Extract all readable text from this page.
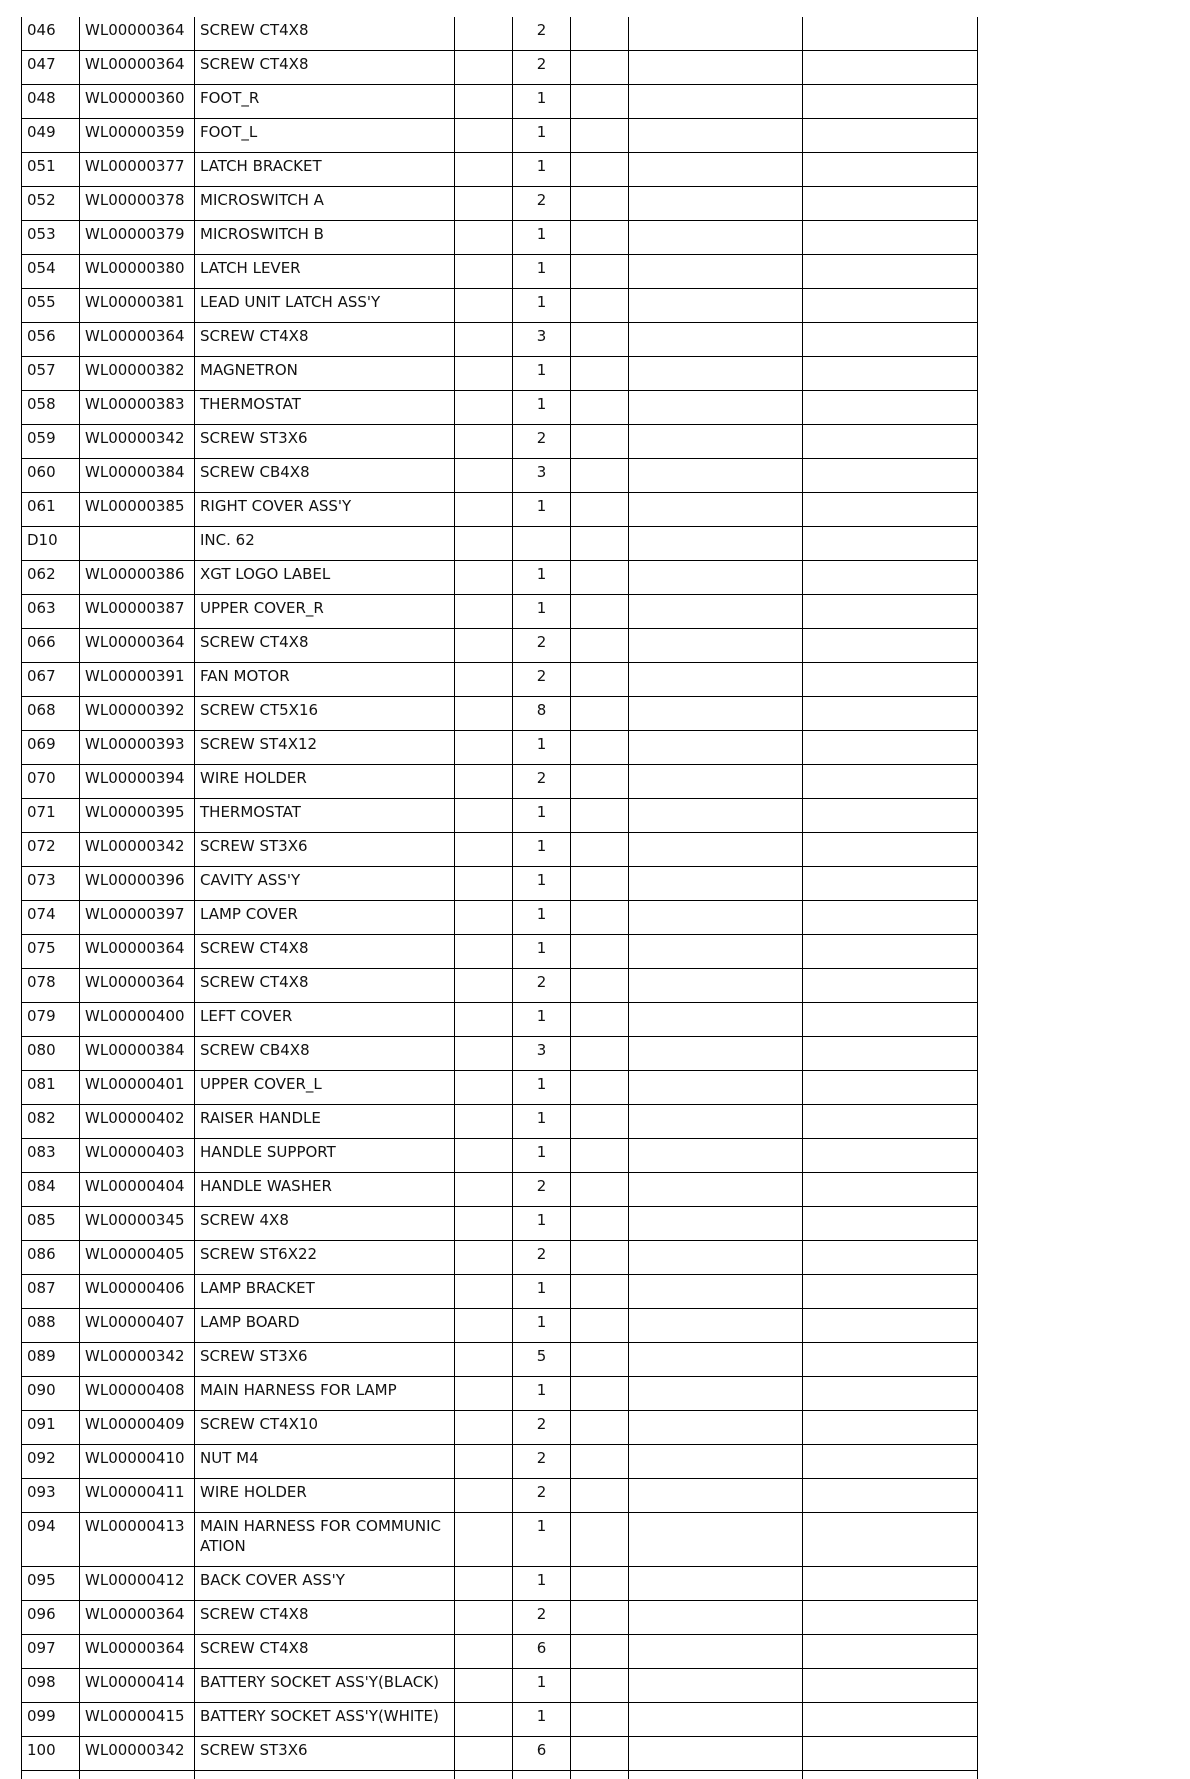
046	WL00000364	SCREW CT4X8		2			
047	WL00000364	SCREW CT4X8		2			
048	WL00000360	FOOT_R		1			
049	WL00000359	FOOT_L		1			
051	WL00000377	LATCH BRACKET		1			
052	WL00000378	MICROSWITCH A		2			
053	WL00000379	MICROSWITCH B		1			
054	WL00000380	LATCH LEVER		1			
055	WL00000381	LEAD UNIT LATCH ASS'Y		1			
056	WL00000364	SCREW CT4X8		3			
057	WL00000382	MAGNETRON		1			
058	WL00000383	THERMOSTAT		1			
059	WL00000342	SCREW ST3X6		2			
060	WL00000384	SCREW CB4X8		3			
061	WL00000385	RIGHT COVER ASS'Y		1			
D10		INC. 62					
062	WL00000386	XGT LOGO LABEL		1			
063	WL00000387	UPPER COVER_R		1			
066	WL00000364	SCREW CT4X8		2			
067	WL00000391	FAN MOTOR		2			
068	WL00000392	SCREW CT5X16		8			
069	WL00000393	SCREW ST4X12		1			
070	WL00000394	WIRE HOLDER		2			
071	WL00000395	THERMOSTAT		1			
072	WL00000342	SCREW ST3X6		1			
073	WL00000396	CAVITY ASS'Y		1			
074	WL00000397	LAMP COVER		1			
075	WL00000364	SCREW CT4X8		1			
078	WL00000364	SCREW CT4X8		2			
079	WL00000400	LEFT COVER		1			
080	WL00000384	SCREW CB4X8		3			
081	WL00000401	UPPER COVER_L		1			
082	WL00000402	RAISER HANDLE		1			
083	WL00000403	HANDLE SUPPORT		1			
084	WL00000404	HANDLE WASHER		2			
085	WL00000345	SCREW 4X8		1			
086	WL00000405	SCREW ST6X22		2			
087	WL00000406	LAMP BRACKET		1			
088	WL00000407	LAMP BOARD		1			
089	WL00000342	SCREW ST3X6		5			
090	WL00000408	MAIN HARNESS FOR LAMP		1			
091	WL00000409	SCREW CT4X10		2			
092	WL00000410	NUT M4		2			
093	WL00000411	WIRE HOLDER		2			
094	WL00000413	MAIN HARNESS FOR COMMUNICATION		1			
095	WL00000412	BACK COVER ASS'Y		1			
096	WL00000364	SCREW CT4X8		2			
097	WL00000364	SCREW CT4X8		6			
098	WL00000414	BATTERY SOCKET ASS'Y(BLACK)		1			
099	WL00000415	BATTERY SOCKET ASS'Y(WHITE)		1			
100	WL00000342	SCREW ST3X6		6			
